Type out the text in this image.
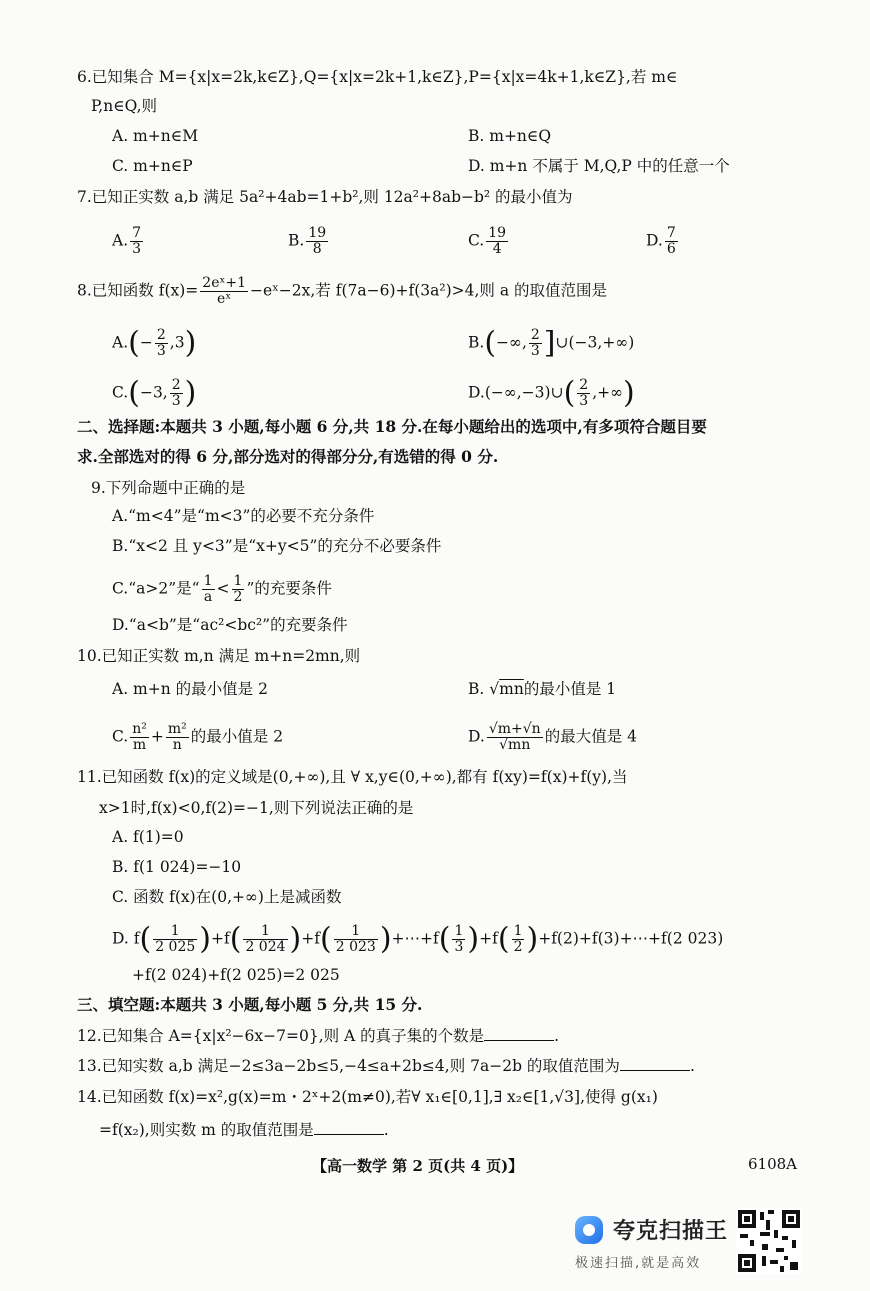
6.已知集合 M={x|x=2k,k∈Z},Q={x|x=2k+1,k∈Z},P={x|x=4k+1,k∈Z},若 m∈
P,n∈Q,则
A. m+n∈M	B. m+n∈Q
C. m+n∈P	D. m+n 不属于 M,Q,P 中的任意一个
7.已知正实数 a,b 满足 5a²+4ab=1+b²,则 12a²+8ab−b² 的最小值为
A. $\frac{7}{3}$	B. $\frac{19}{8}$	C. $\frac{19}{4}$	D. $\frac{7}{6}$
8.已知函数 $f(x)= \frac{\text{2eˣ+1}}{\text{eˣ}}$ −eˣ−2x,若 f(7a−6)+f(3a²)>4,则 a 的取值范围是
$A.(- \frac{2}{3} ,3)$	B.(−∞, $\frac{2}{3}$ ]∪(−3,+∞)
C.(−3, $\frac{2}{3}$ )	D.(−∞,−3)∪( $\frac{2}{3}$ ,+∞)
二、选择题:本题共 3 小题,每小题 6 分,共 18 分.在每小题给出的选项中,有多项符合题目要
求.全部选对的得 6 分,部分选对的得部分分,有选错的得 0 分.
9.下列命题中正确的是
A.“m<4”是“m<3”的必要不充分条件
B.“x<2 且 y<3”是“x+y<5”的充分不必要条件
C.“a>2”是“ $\frac{1}{a} < \frac{1}{2}$ ”的充要条件
D.“a<b”是“ac²<bc²”的充要条件
10.已知正实数 m,n 满足 m+n=2mn,则
A. m+n 的最小值是 2	B. √mn的最小值是 1
C. $\frac{\text{n²}}{m} + \frac{\text{m²}}{n}$ 的最小值是 2	D. $\frac{√m+√n}{√mn}$ 的最大值是 4
11.已知函数 f(x)的定义域是(0,+∞),且 ∀ x,y∈(0,+∞),都有 f(xy)=f(x)+f(y),当
x>1时,f(x)<0,f(2)=−1,则下列说法正确的是
A. f(1)=0
B. f(1 024)=−10
C. 函数 f(x)在(0,+∞)上是减函数
D. $f( \frac{1}{2 025} )+f( \frac{1}{2 024} )+f( \frac{1}{2 023}$ )+⋯+f( $\frac{1}{3} )+f( \frac{1}{2}$ )+f(2)+f(3)+⋯+f(2 023)
+f(2 024)+f(2 025)=2 025
三、填空题:本题共 3 小题,每小题 5 分,共 15 分.
12.已知集合 A={x|x²−6x−7=0},则 A 的真子集的个数是	.
13.已知实数 a,b 满足−2≤3a−2b≤5,−4≤a+2b≤4,则 7a−2b 的取值范围为	.
14.已知函数 f(x)=x²,g(x)=m・2ˣ+2(m≠0),若∀ x₁∈[0,1],∃ x₂∈[1,√3],使得 g(x₁)
=f(x₂),则实数 m 的取值范围是	.
【高一数学 第 2 页(共 4 页)】	6108A
夸克扫描王
极速扫描,就是高效
